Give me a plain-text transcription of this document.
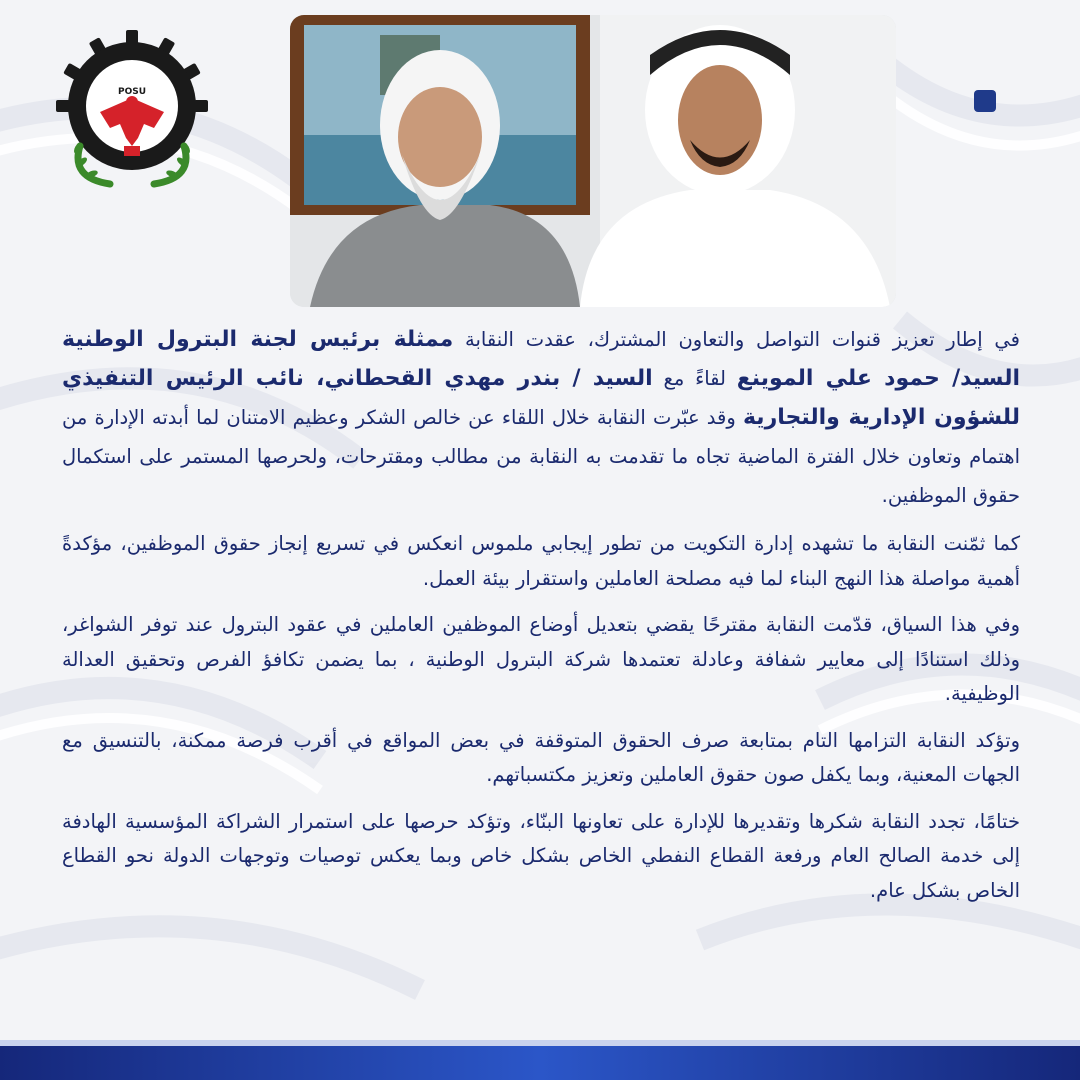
POSU

في إطار تعزيز قنوات التواصل والتعاون المشترك، عقدت النقابة ممثلة برئيس لجنة البترول الوطنية السيد/ حمود علي الموينع لقاءً مع السيد / بندر مهدي القحطاني، نائب الرئيس التنفيذي للشؤون الإدارية والتجارية وقد عبّرت النقابة خلال اللقاء عن خالص الشكر وعظيم الامتنان لما أبدته الإدارة من اهتمام وتعاون خلال الفترة الماضية تجاه ما تقدمت به النقابة من مطالب ومقترحات، ولحرصها المستمر على استكمال حقوق الموظفين.

كما ثمّنت النقابة ما تشهده إدارة التكويت من تطور إيجابي ملموس انعكس في تسريع إنجاز حقوق الموظفين، مؤكدةً أهمية مواصلة هذا النهج البناء لما فيه مصلحة العاملين واستقرار بيئة العمل.

وفي هذا السياق، قدّمت النقابة مقترحًا يقضي بتعديل أوضاع الموظفين العاملين في عقود البترول عند توفر الشواغر، وذلك استنادًا إلى معايير شفافة وعادلة تعتمدها شركة البترول الوطنية ، بما يضمن تكافؤ الفرص وتحقيق العدالة الوظيفية.

وتؤكد النقابة التزامها التام بمتابعة صرف الحقوق المتوقفة في بعض المواقع في أقرب فرصة ممكنة، بالتنسيق مع الجهات المعنية، وبما يكفل صون حقوق العاملين وتعزيز مكتسباتهم.

ختامًا، تجدد النقابة شكرها وتقديرها للإدارة على تعاونها البنّاء، وتؤكد حرصها على استمرار الشراكة المؤسسية الهادفة إلى خدمة الصالح العام ورفعة القطاع النفطي الخاص بشكل خاص وبما يعكس توصيات وتوجهات الدولة نحو القطاع الخاص بشكل عام.
